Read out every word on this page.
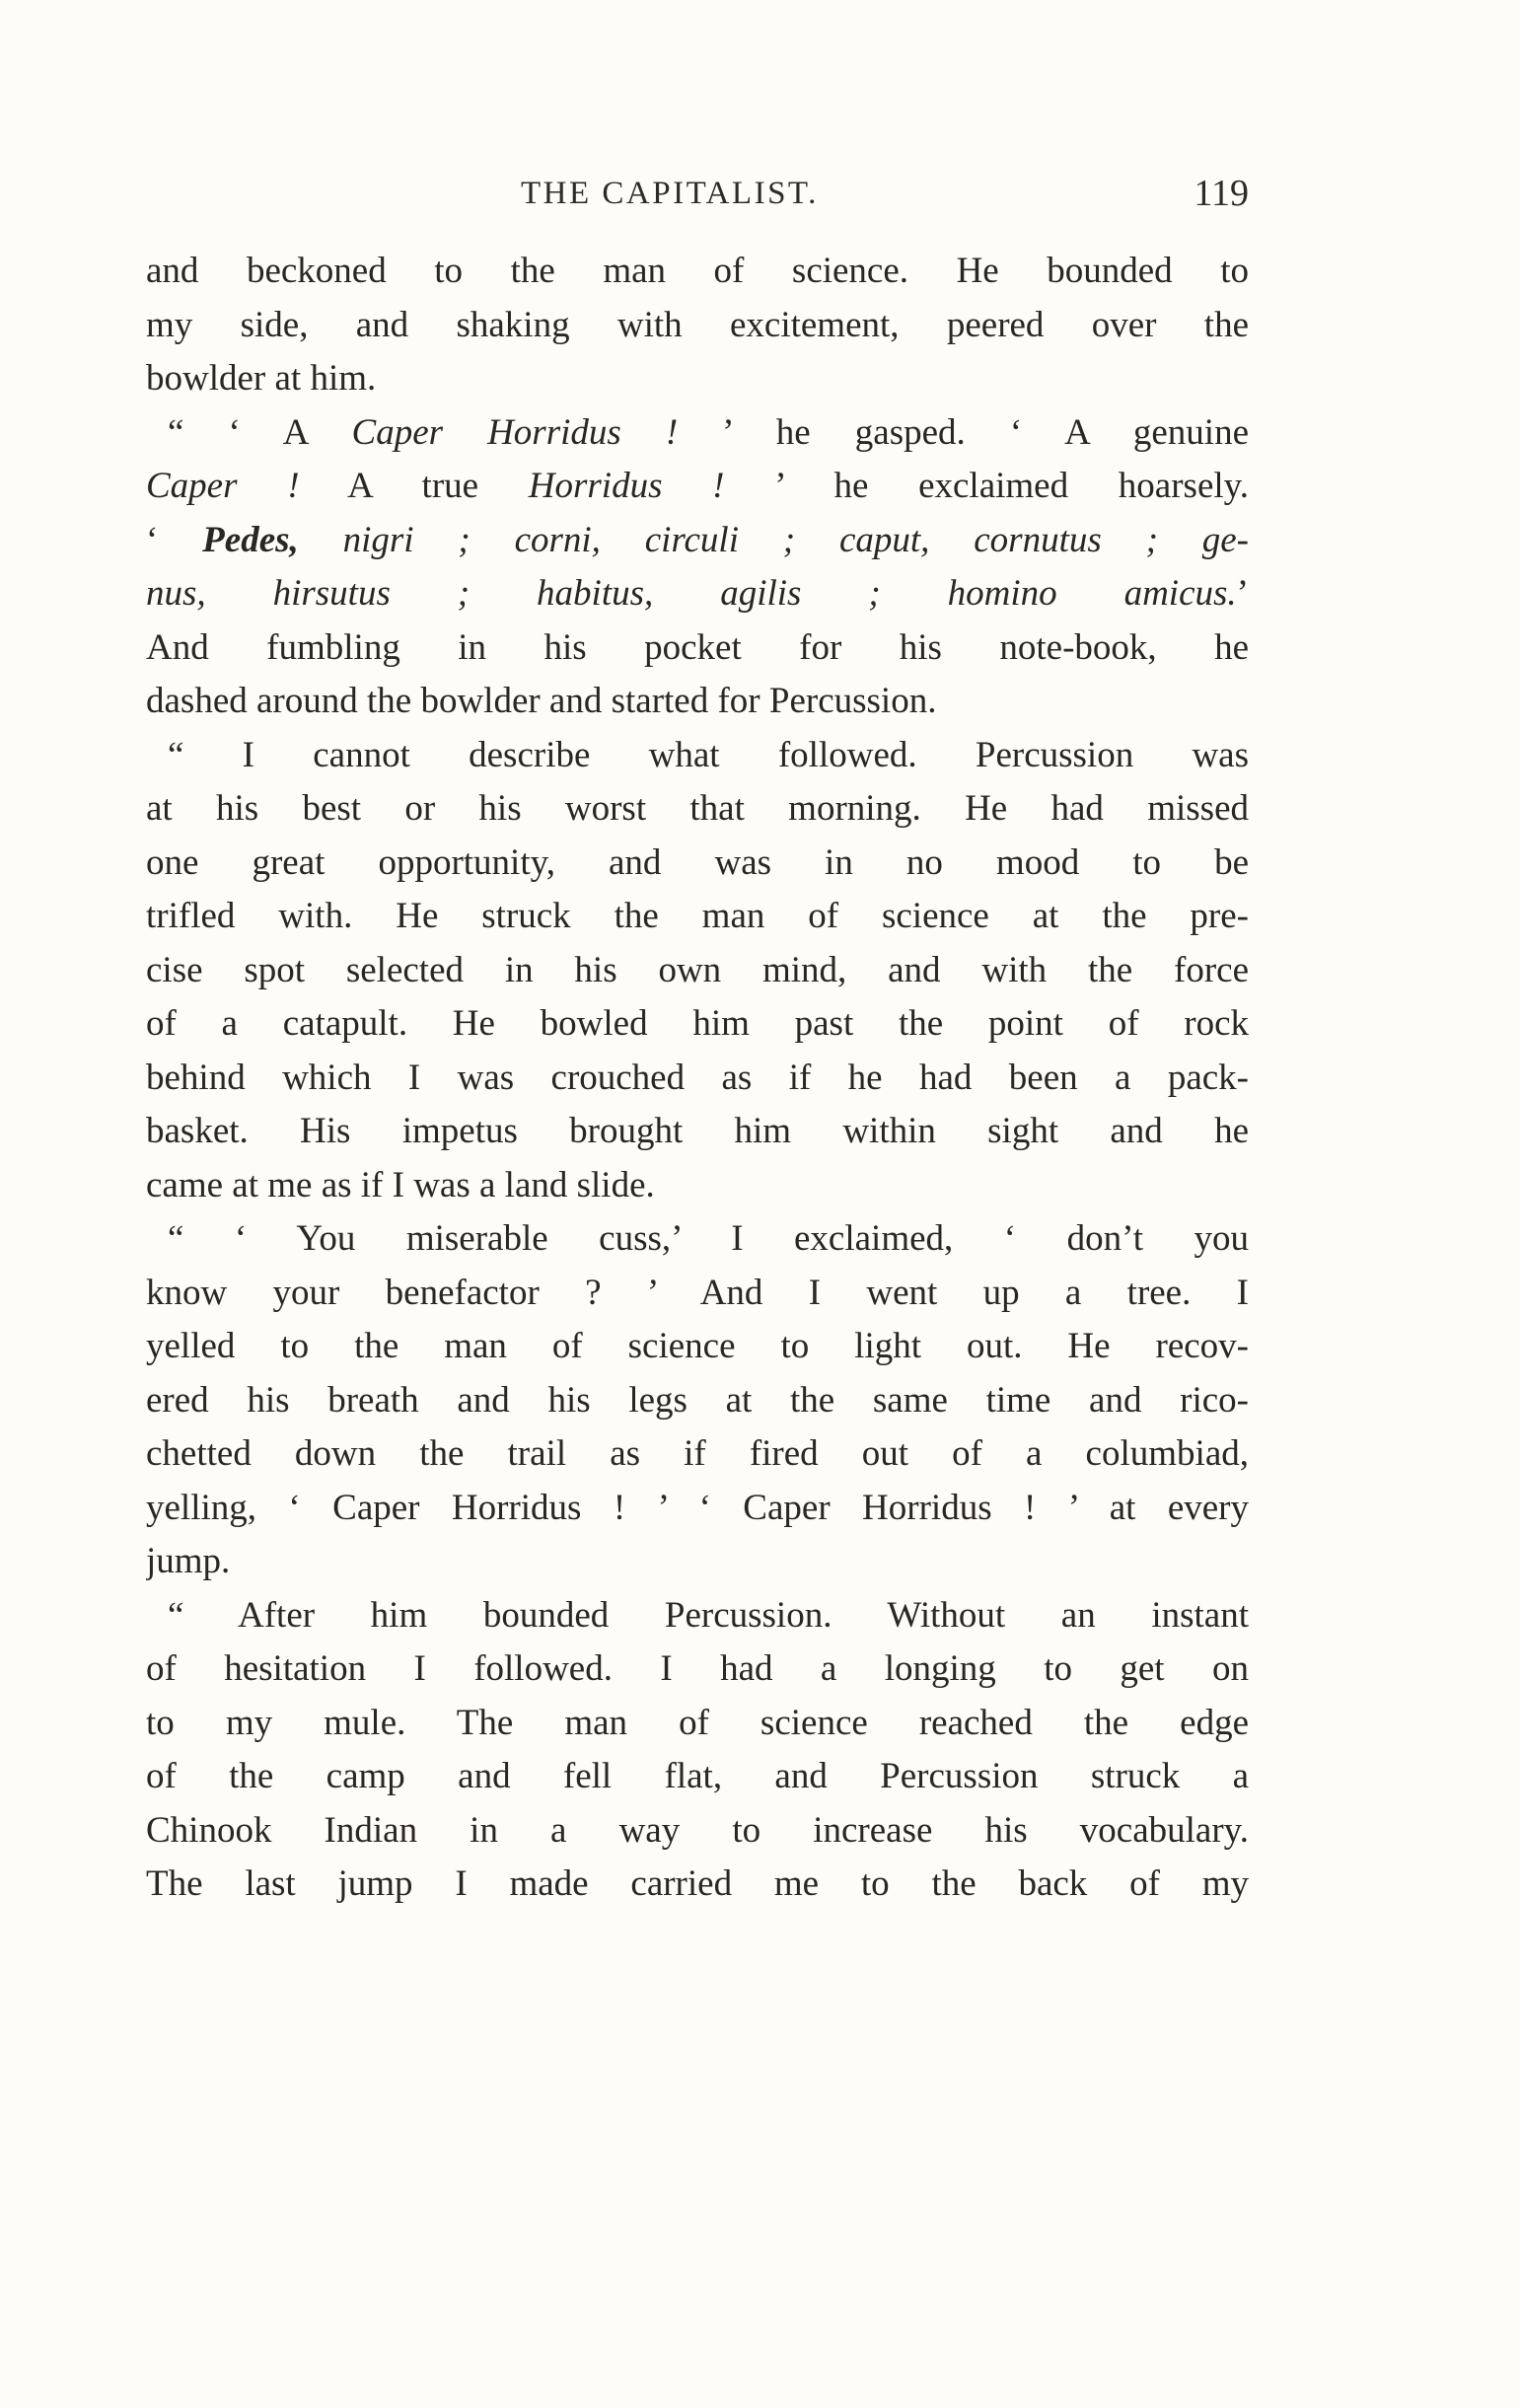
THE CAPITALIST.	119
and beckoned to the man of science. He bounded to
my side, and shaking with excitement, peered over the
bowlder at him.
“ ‘ A Caper Horridus ! ’ he gasped. ‘ A genuine
Caper ! A true Horridus ! ’ he exclaimed hoarsely.
‘ Pedes, nigri ; corni, circuli ; caput, cornutus ; ge-
nus, hirsutus ; habitus, agilis ; homino amicus.’
And fumbling in his pocket for his note-book, he
dashed around the bowlder and started for Percussion.
“ I cannot describe what followed. Percussion was
at his best or his worst that morning. He had missed
one great opportunity, and was in no mood to be
trifled with. He struck the man of science at the pre-
cise spot selected in his own mind, and with the force
of a catapult. He bowled him past the point of rock
behind which I was crouched as if he had been a pack-
basket. His impetus brought him within sight and he
came at me as if I was a land slide.
“ ‘ You miserable cuss,’ I exclaimed, ‘ don’t you
know your benefactor ? ’ And I went up a tree. I
yelled to the man of science to light out. He recov-
ered his breath and his legs at the same time and rico-
chetted down the trail as if fired out of a columbiad,
yelling, ‘ Caper Horridus ! ’ ‘ Caper Horridus ! ’ at every
jump.
“ After him bounded Percussion. Without an instant
of hesitation I followed. I had a longing to get on
to my mule. The man of science reached the edge
of the camp and fell flat, and Percussion struck a
Chinook Indian in a way to increase his vocabulary.
The last jump I made carried me to the back of my
